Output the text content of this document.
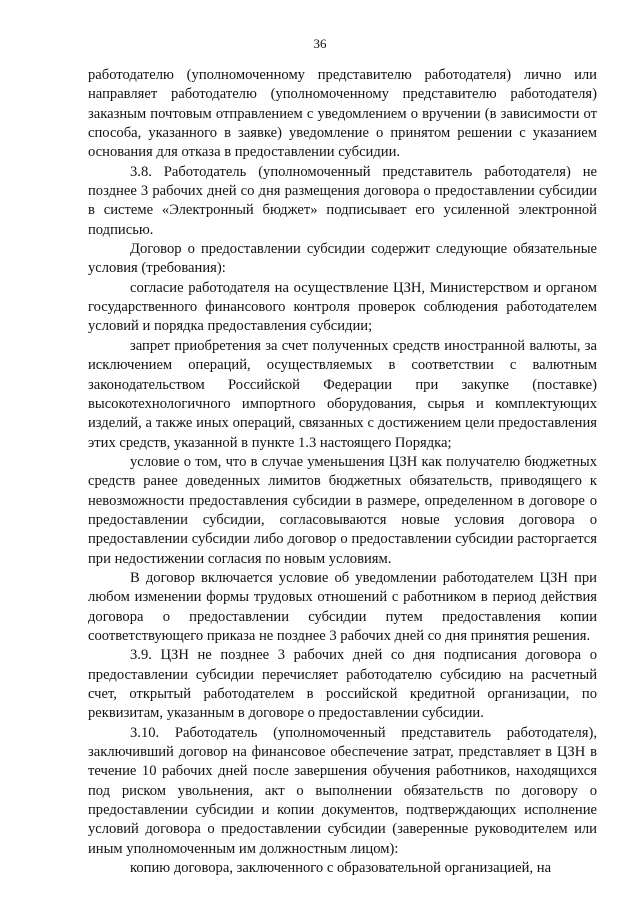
36

работодателю (уполномоченному представителю работодателя) лично или направляет работодателю (уполномоченному представителю работодателя) заказным почтовым отправлением с уведомлением о вручении (в зависимости от способа, указанного в заявке) уведомление о принятом решении с указанием основания для отказа в предоставлении субсидии.

3.8. Работодатель (уполномоченный представитель работодателя) не позднее 3 рабочих дней со дня размещения договора о предоставлении субсидии в системе «Электронный бюджет» подписывает его усиленной электронной подписью.

Договор о предоставлении субсидии содержит следующие обязательные условия (требования):

согласие работодателя на осуществление ЦЗН, Министерством и органом государственного финансового контроля проверок соблюдения работодателем условий и порядка предоставления субсидии;

запрет приобретения за счет полученных средств иностранной валюты, за исключением операций, осуществляемых в соответствии с валютным законодательством Российской Федерации при закупке (поставке) высокотехнологичного импортного оборудования, сырья и комплектующих изделий, а также иных операций, связанных с достижением цели предоставления этих средств, указанной в пункте 1.3 настоящего Порядка;

условие о том, что в случае уменьшения ЦЗН как получателю бюджетных средств ранее доведенных лимитов бюджетных обязательств, приводящего к невозможности предоставления субсидии в размере, определенном в договоре о предоставлении субсидии, согласовываются новые условия договора о предоставлении субсидии либо договор о предоставлении субсидии расторгается при недостижении согласия по новым условиям.

В договор включается условие об уведомлении работодателем ЦЗН при любом изменении формы трудовых отношений с работником в период действия договора о предоставлении субсидии путем предоставления копии соответствующего приказа не позднее 3 рабочих дней со дня принятия решения.

3.9. ЦЗН не позднее 3 рабочих дней со дня подписания договора о предоставлении субсидии перечисляет работодателю субсидию на расчетный счет, открытый работодателем в российской кредитной организации, по реквизитам, указанным в договоре о предоставлении субсидии.

3.10. Работодатель (уполномоченный представитель работодателя), заключивший договор на финансовое обеспечение затрат, представляет в ЦЗН в течение 10 рабочих дней после завершения обучения работников, находящихся под риском увольнения, акт о выполнении обязательств по договору о предоставлении субсидии и копии документов, подтверждающих исполнение условий договора о предоставлении субсидии (заверенные руководителем или иным уполномоченным им должностным лицом):

копию договора, заключенного с образовательной организацией, на
